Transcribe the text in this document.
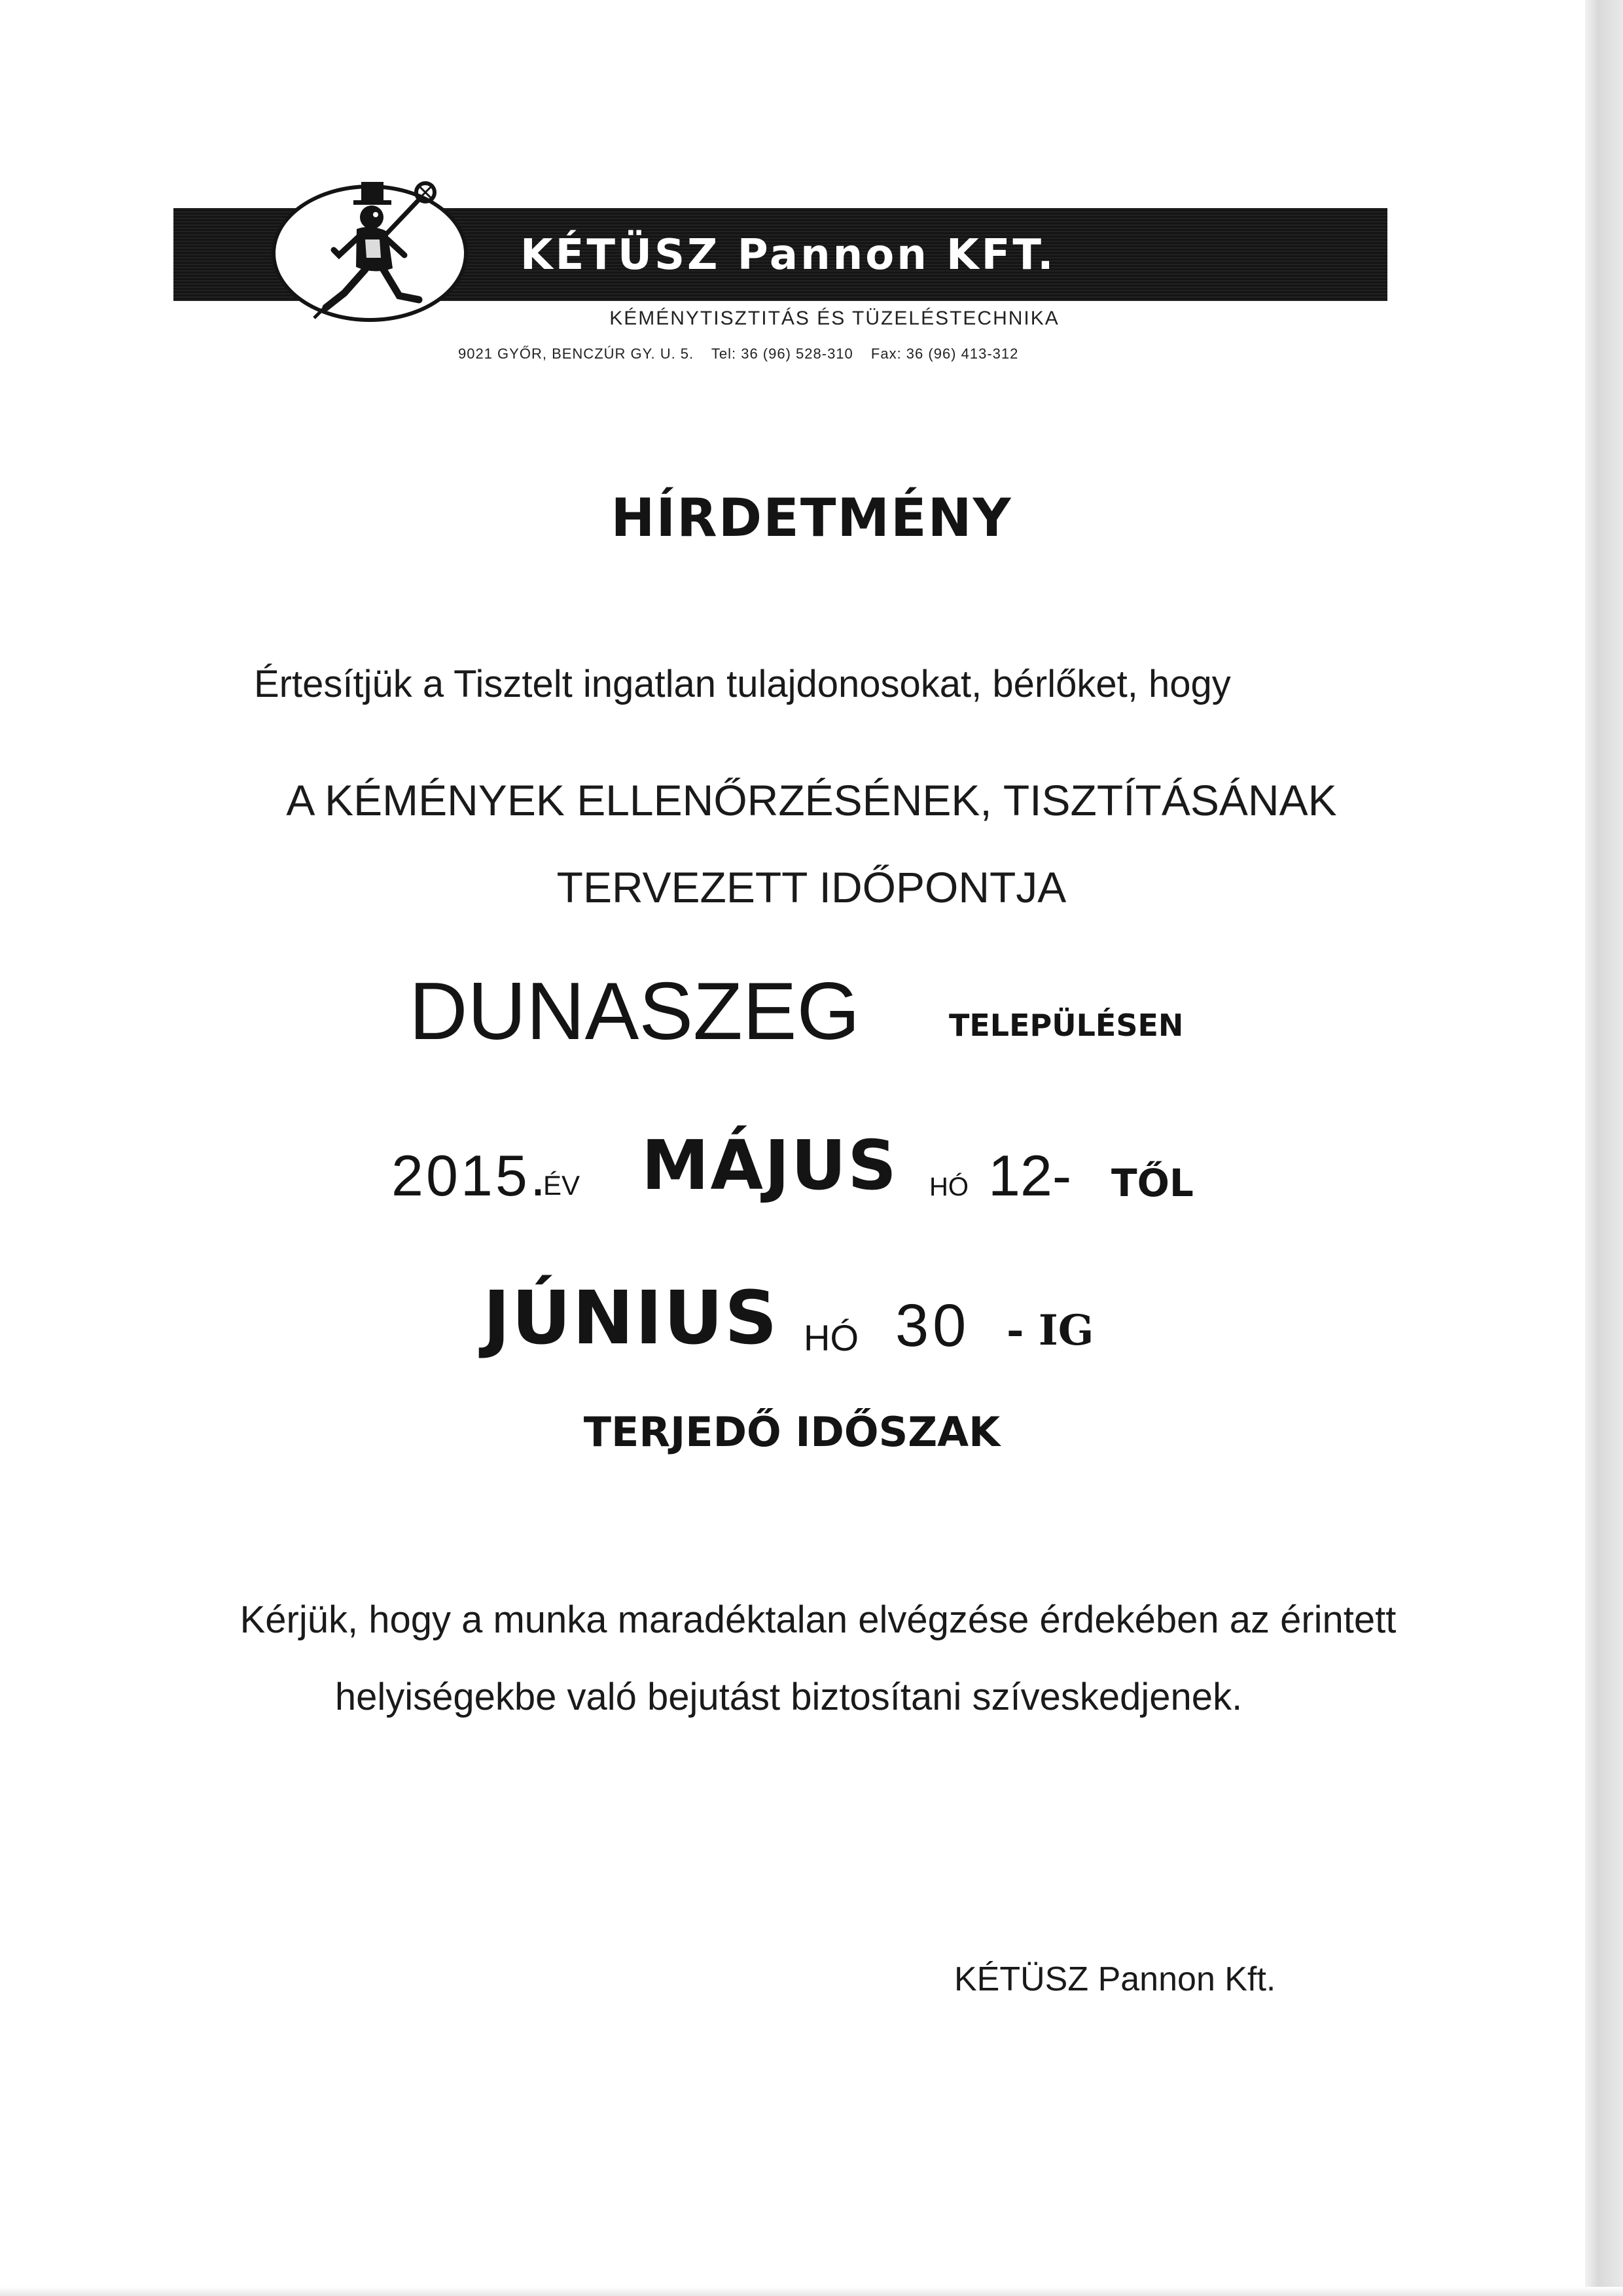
KÉTÜSZ Pannon KFT.
KÉMÉNYTISZTITÁS ÉS TÜZELÉSTECHNIKA
9021 GYŐR, BENCZÚR GY. U. 5. Tel: 36 (96) 528-310 Fax: 36 (96) 413-312
HÍRDETMÉNY
Értesítjük a Tisztelt ingatlan tulajdonosokat, bérlőket, hogy
A KÉMÉNYEK ELLENŐRZÉSÉNEK, TISZTÍTÁSÁNAK
TERVEZETT IDŐPONTJA
DUNASZEG	TELEPÜLÉSEN
2015.
ÉV MÁJUS HÓ 12- TŐL
JÚNIUS HÓ 30 - IG
TERJEDŐ IDŐSZAK
Kérjük, hogy a munka maradéktalan elvégzése érdekében az érintett
helyiségekbe való bejutást biztosítani szíveskedjenek.
KÉTÜSZ Pannon Kft.
